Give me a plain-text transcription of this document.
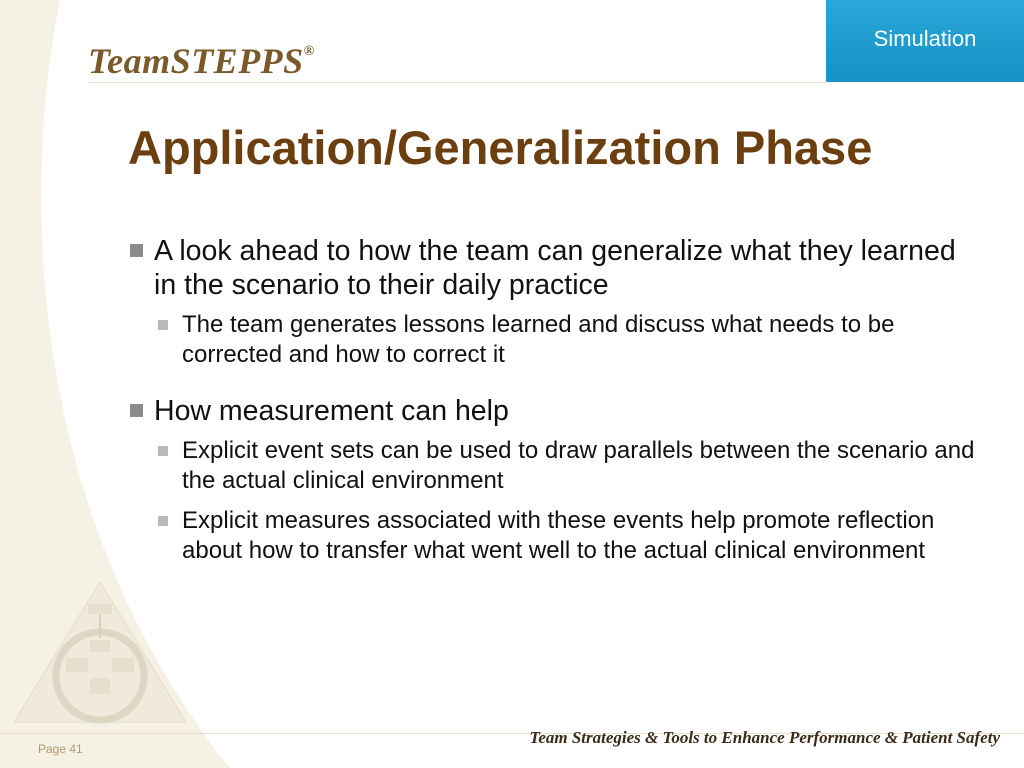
TeamSTEPPS®
Simulation
Application/Generalization Phase
A look ahead to how the team can generalize what they learned in the scenario to their daily practice
The team generates lessons learned and discuss what needs to be corrected and how to correct it
How measurement can help
Explicit event sets can be used to draw parallels between the scenario and the actual clinical environment
Explicit measures associated with these events help promote reflection about how to transfer what went well to the actual clinical environment
Page 41
Team Strategies & Tools to Enhance Performance & Patient Safety
